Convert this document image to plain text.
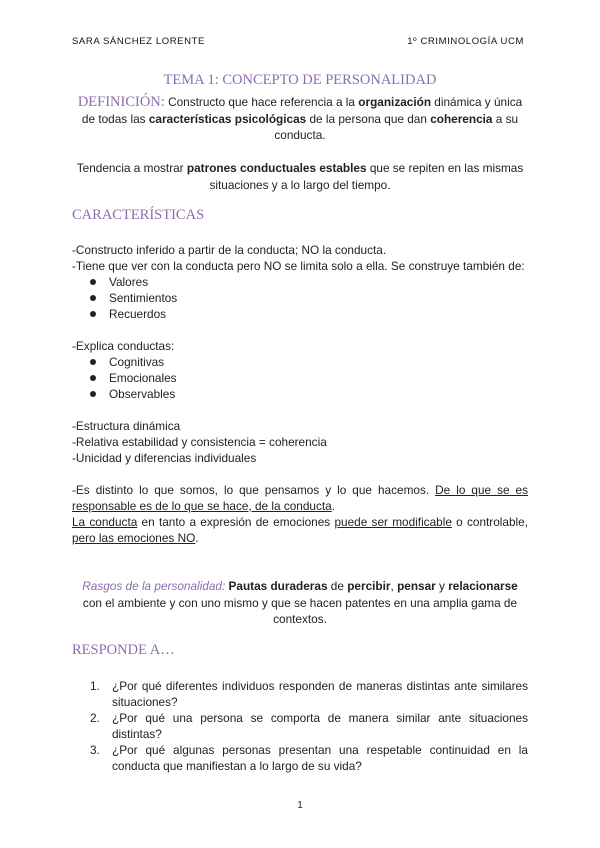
SARA SÁNCHEZ LORENTE	1º CRIMINOLOGÍA UCM
TEMA 1: CONCEPTO DE PERSONALIDAD
DEFINICIÓN: Constructo que hace referencia a la organización dinámica y única de todas las características psicológicas de la persona que dan coherencia a su conducta.
Tendencia a mostrar patrones conductuales estables que se repiten en las mismas situaciones y a lo largo del tiempo.
CARACTERÍSTICAS

-Constructo inferido a partir de la conducta; NO la conducta.

-Tiene que ver con la conducta pero NO se limita solo a ella. Se construye también de:

Valores
Sentimientos
Recuerdos

-Explica conductas:

Cognitivas
Emocionales
Observables

-Estructura dinámica

-Relativa estabilidad y consistencia = coherencia

-Unicidad y diferencias individuales

-Es distinto lo que somos, lo que pensamos y lo que hacemos. De lo que se es responsable es de lo que se hace, de la conducta.

La conducta en tanto a expresión de emociones puede ser modificable o controlable, pero las emociones NO.

Rasgos de la personalidad: Pautas duraderas de percibir, pensar y relacionarse con el ambiente y con uno mismo y que se hacen patentes en una amplia gama de contextos.
RESPONDE A…
1. ¿Por qué diferentes individuos responden de maneras distintas ante similares situaciones?
2. ¿Por qué una persona se comporta de manera similar ante situaciones distintas?
3. ¿Por qué algunas personas presentan una respetable continuidad en la conducta que manifiestan a lo largo de su vida?
1
